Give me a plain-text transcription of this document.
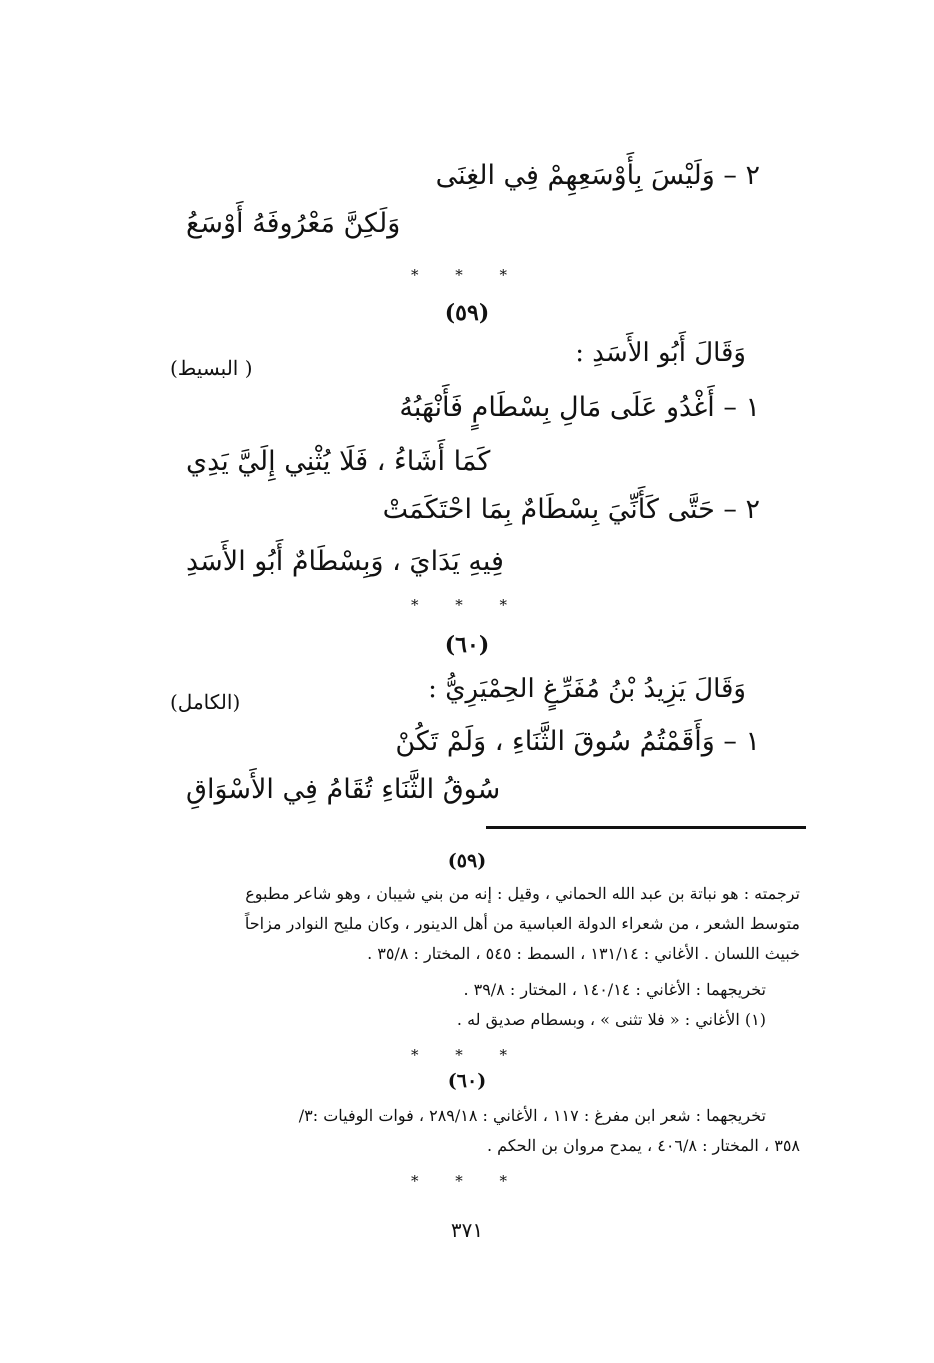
٢ – وَلَيْسَ بِأَوْسَعِهِمْ فِي الغِنَى
وَلَكِنَّ مَعْرُوفَهُ أَوْسَعُ
* * *
(٥٩)
وَقَالَ أَبُو الأَسَدِ :
( البسيط)
١ – أَغْدُو عَلَى مَالِ بِسْطَامٍ فَأَنْهَبُهُ
كَمَا أَشَاءُ ، فَلَا يُثْنِي إِلَيَّ يَدِي
٢ – حَتَّى كَأَنِّيَ بِسْطَامٌ بِمَا احْتَكَمَتْ
فِيهِ يَدَايَ ، وَبِسْطَامٌ أَبُو الأَسَدِ
* * *
(٦٠)
وَقَالَ يَزِيدُ بْنُ مُفَرِّغٍ الحِمْيَرِيُّ :
(الكامل)
١ – وَأَقَمْتُمُ سُوقَ الثَّنَاءِ ، وَلَمْ تَكُنْ
سُوقُ الثَّنَاءِ تُقَامُ فِي الأَسْوَاقِ
(٥٩)
ترجمته : هو نباتة بن عبد الله الحماني ، وقيل : إنه من بني شيبان ، وهو شاعر مطبوع
متوسط الشعر ، من شعراء الدولة العباسية من أهل الدينور ، وكان مليح النوادر مزاحاً
خبيث اللسان . الأغاني : ١٣١/١٤ ، السمط : ٥٤٥ ، المختار : ٣٥/٨ .
تخريجهما : الأغاني : ١٤٠/١٤ ، المختار : ٣٩/٨ .
(١) الأغاني : « فلا تثنى » ، وبسطام صديق له .
* * *
(٦٠)
تخريجهما : شعر ابن مفرغ : ١١٧ ، الأغاني : ٢٨٩/١٨ ، فوات الوفيات :٣/
٣٥٨ ، المختار : ٤٠٦/٨ ، يمدح مروان بن الحكم .
* * *
٣٧١
